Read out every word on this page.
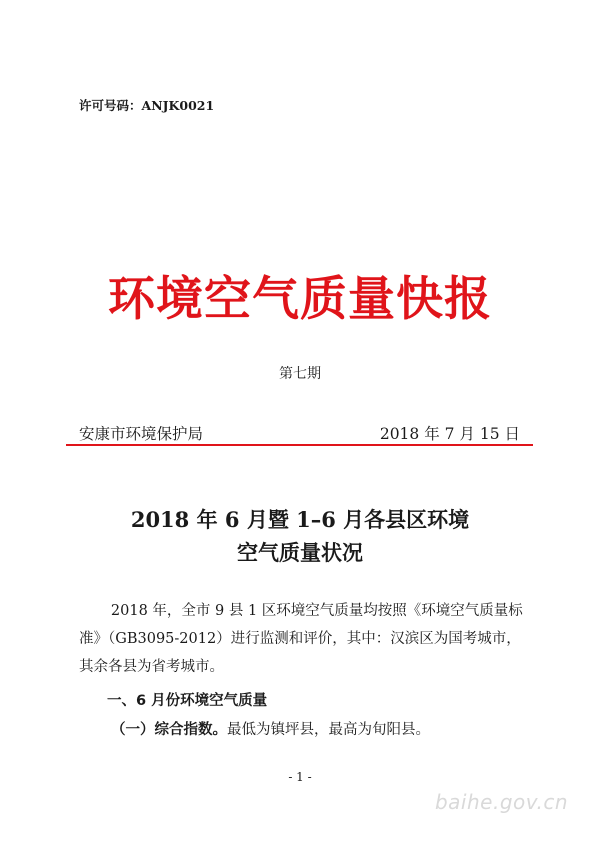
许可号码：ANJK0021
环境空气质量快报
第七期
安康市环境保护局	2018 年 7 月 15 日
2018 年 6 月暨 1–6 月各县区环境
空气质量状况

2018 年，全市 9 县 1 区环境空气质量均按照《环境空气质量标准》（GB3095-2012）进行监测和评价，其中：汉滨区为国考城市，其余各县为省考城市。

一、6 月份环境空气质量
（一）综合指数。最低为镇坪县，最高为旬阳县。
- 1 -
baihe.gov.cn
